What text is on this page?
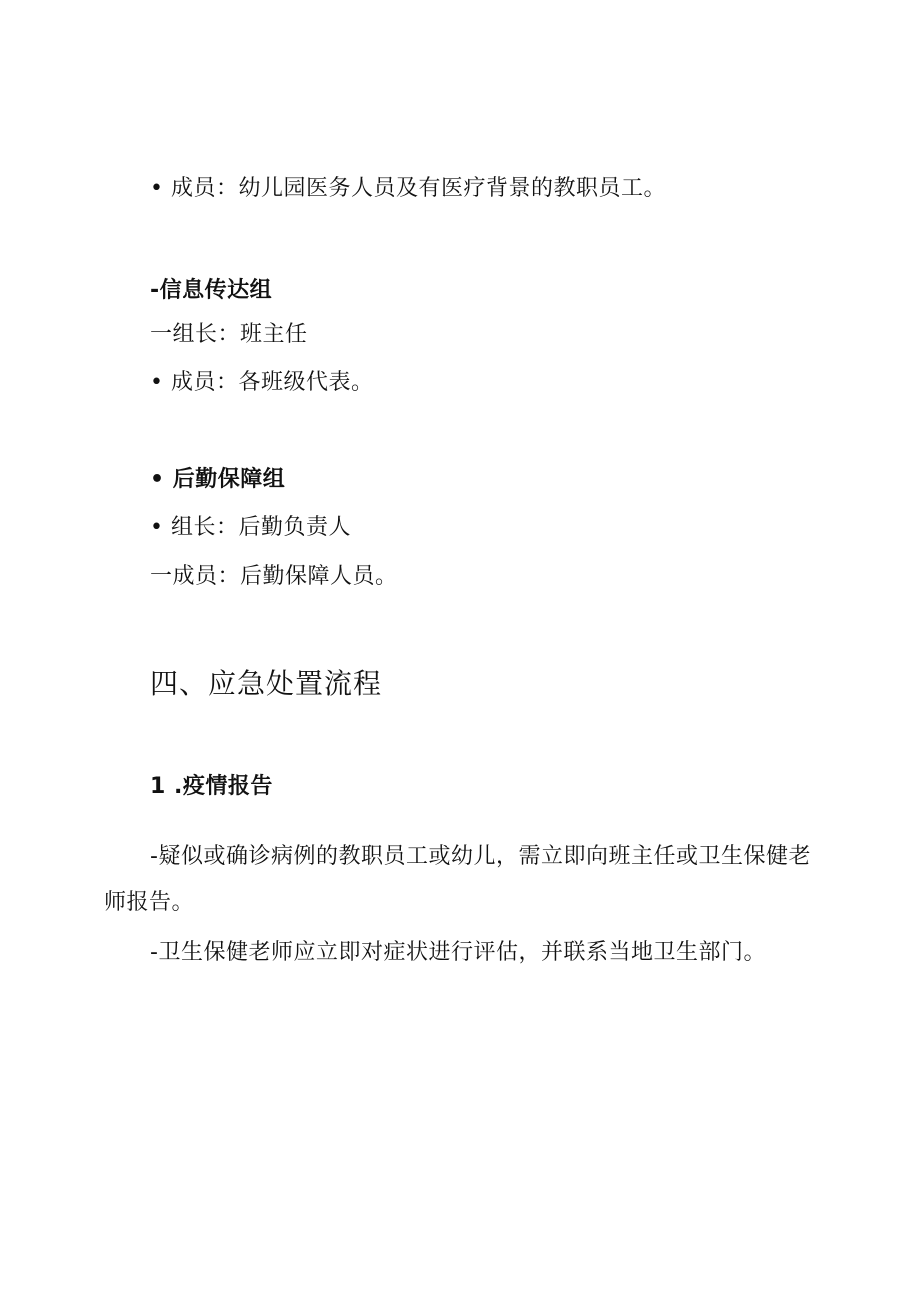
• 成员：幼儿园医务人员及有医疗背景的教职员工。
-信息传达组
一组长：班主任
• 成员：各班级代表。
• 后勤保障组
• 组长：后勤负责人
一成员：后勤保障人员。
四、应急处置流程
1 .疫情报告
-疑似或确诊病例的教职员工或幼儿，需立即向班主任或卫生保健老师报告。
-卫生保健老师应立即对症状进行评估，并联系当地卫生部门。
